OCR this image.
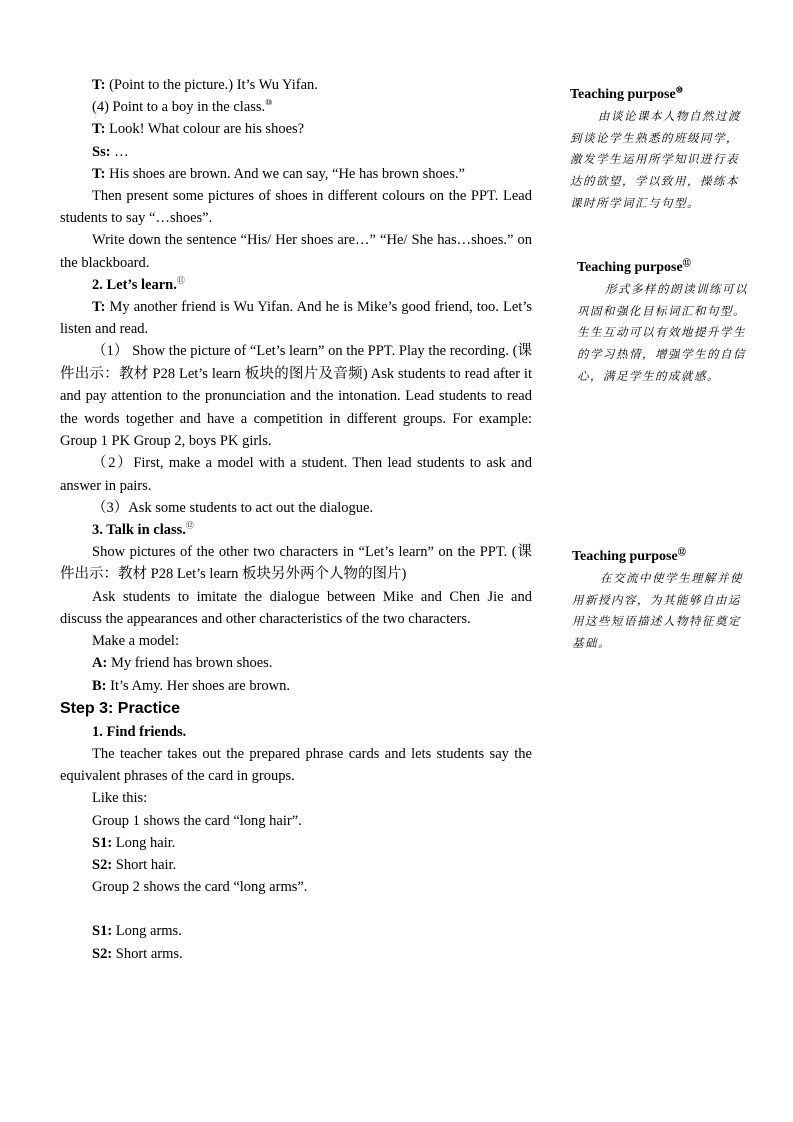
T: (Point to the picture.) It’s Wu Yifan.

(4) Point to a boy in the class.⑩

T: Look! What colour are his shoes?

Ss: …

T: His shoes are brown. And we can say, “He has brown shoes.”

Then present some pictures of shoes in different colours on the PPT. Lead students to say “…shoes”.

Write down the sentence “His/ Her shoes are…” “He/ She has…shoes.” on the blackboard.

2. Let’s learn.⑪

T: My another friend is Wu Yifan. And he is Mike’s good friend, too. Let’s listen and read.

（1） Show the picture of “Let’s learn” on the PPT. Play the recording. (课件出示：教材 P28 Let’s learn 板块的图片及音频) Ask students to read after it and pay attention to the pronunciation and the intonation. Lead students to read the words together and have a competition in different groups. For example: Group 1 PK Group 2, boys PK girls.

（2）First, make a model with a student. Then lead students to ask and answer in pairs.

（3）Ask some students to act out the dialogue.

3. Talk in class.⑫

Show pictures of the other two characters in “Let’s learn” on the PPT. (课件出示：教材 P28 Let’s learn 板块另外两个人物的图片)

Ask students to imitate the dialogue between Mike and Chen Jie and discuss the appearances and other characteristics of the two characters.

Make a model:

A: My friend has brown shoes.

B: It’s Amy. Her shoes are brown.

Step 3: Practice

1. Find friends.

The teacher takes out the prepared phrase cards and lets students say the equivalent phrases of the card in groups.

Like this:

Group 1 shows the card “long hair”.

S1: Long hair.

S2: Short hair.

Group 2 shows the card “long arms”.

S1: Long arms.

S2: Short arms.

Teaching purpose⑩

由谈论课本人物自然过渡到谈论学生熟悉的班级同学，激发学生运用所学知识进行表达的欲望，学以致用，操练本课时所学词汇与句型。

Teaching purpose⑪

形式多样的朗读训练可以巩固和强化目标词汇和句型。生生互动可以有效地提升学生的学习热情，增强学生的自信心，满足学生的成就感。

Teaching purpose⑫

在交流中使学生理解并使用新授内容，为其能够自由运用这些短语描述人物特征奠定基础。
